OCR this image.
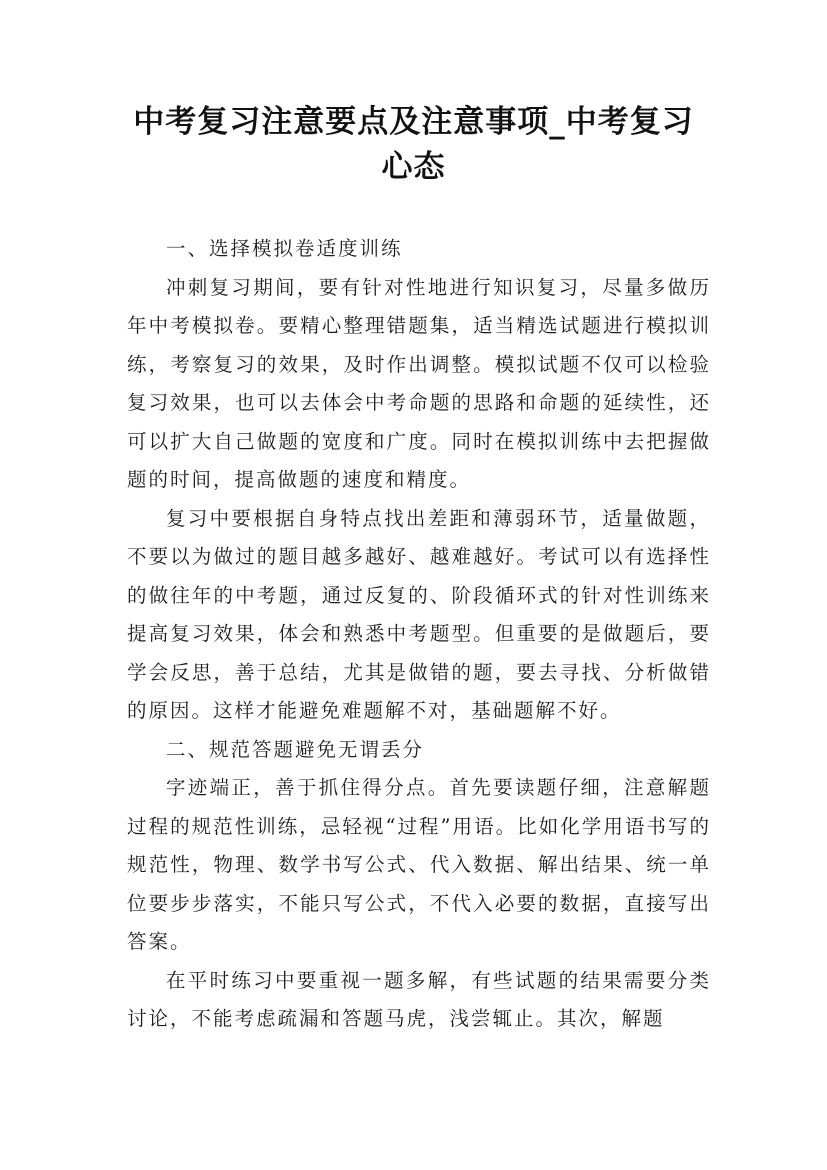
中考复习注意要点及注意事项_中考复习心态

一、选择模拟卷适度训练

冲刺复习期间，要有针对性地进行知识复习，尽量多做历年中考模拟卷。要精心整理错题集，适当精选试题进行模拟训练，考察复习的效果，及时作出调整。模拟试题不仅可以检验复习效果，也可以去体会中考命题的思路和命题的延续性，还可以扩大自己做题的宽度和广度。同时在模拟训练中去把握做题的时间，提高做题的速度和精度。

复习中要根据自身特点找出差距和薄弱环节，适量做题，不要以为做过的题目越多越好、越难越好。考试可以有选择性的做往年的中考题，通过反复的、阶段循环式的针对性训练来提高复习效果，体会和熟悉中考题型。但重要的是做题后，要学会反思，善于总结，尤其是做错的题，要去寻找、分析做错的原因。这样才能避免难题解不对，基础题解不好。

二、规范答题避免无谓丢分

字迹端正，善于抓住得分点。首先要读题仔细，注意解题过程的规范性训练，忌轻视“过程”用语。比如化学用语书写的规范性，物理、数学书写公式、代入数据、解出结果、统一单位要步步落实，不能只写公式，不代入必要的数据，直接写出答案。

在平时练习中要重视一题多解，有些试题的结果需要分类讨论，不能考虑疏漏和答题马虎，浅尝辄止。其次，解题
